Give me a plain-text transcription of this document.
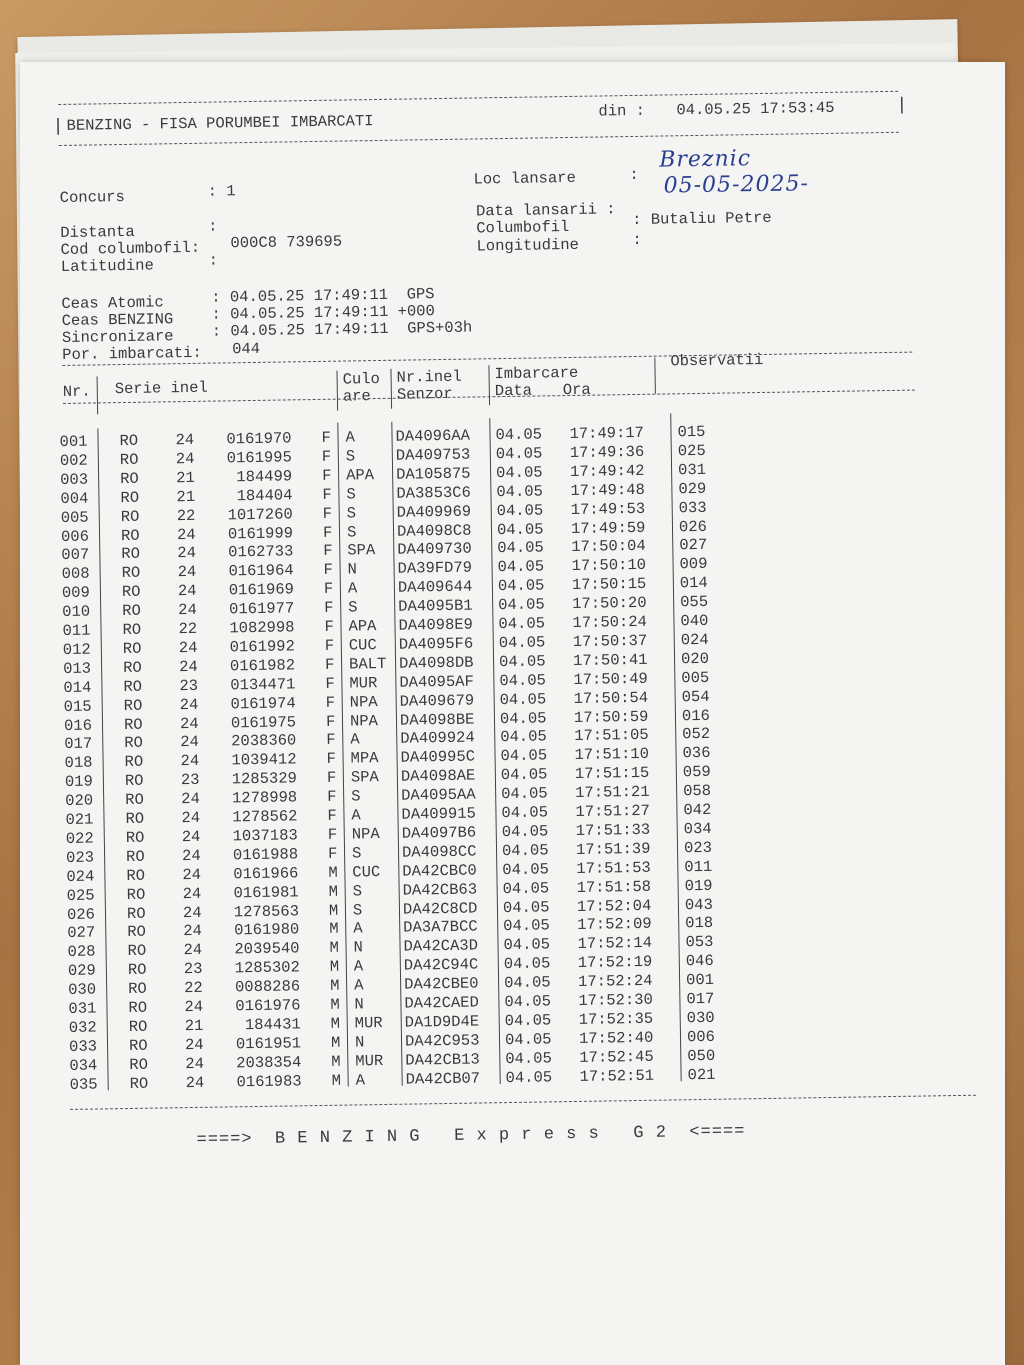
| BENZING - FISA PORUMBEI IMBARCATI
din : 04.05.25 17:53:45	|
Concurs	: 1
Distanta	:
Cod columbofil: 000C8 739695
Latitudine	:
Loc lansare	:
Breznic
05-05-2025-
Data lansarii :
Columbofil	: Butaliu Petre
Longitudine	:
Ceas Atomic	: 04.05.25 17:49:11  GPS
Ceas BENZING : 04.05.25 17:49:11 +000
Sincronizare : 04.05.25 17:49:11  GPS+03h
Por. imbarcati: 044
Nr. Serie inel	Culo
are
Nr.inel
Senzor
Imbarcare
Data Ora
Observatii
001 RO 24	0161970 F A	DA4096AA 04.05 17:49:17 015
002 RO 24	0161995 F S	DA409753 04.05 17:49:36 025
003 RO 21	184499 F APA DA105875 04.05 17:49:42 031
004 RO 21	184404 F S	DA3853C6 04.05 17:49:48 029
005 RO 22	1017260 F S	DA409969 04.05 17:49:53 033
006 RO 24	0161999 F S	DA4098C8 04.05 17:49:59 026
007 RO 24	0162733 F SPA DA409730 04.05 17:50:04 027
008 RO 24	0161964 F N	DA39FD79 04.05 17:50:10 009
009 RO 24	0161969 F A	DA409644 04.05 17:50:15 014
010 RO 24	0161977 F S	DA4095B1 04.05 17:50:20 055
011 RO 22	1082998 F APA DA4098E9 04.05 17:50:24 040
012 RO 24	0161992 F CUC DA4095F6 04.05 17:50:37 024
013 RO 24	0161982 F BALT DA4098DB 04.05 17:50:41 020
014 RO 23	0134471 F MUR DA4095AF 04.05 17:50:49 005
015 RO 24	0161974 F NPA DA409679 04.05 17:50:54 054
016 RO 24	0161975 F NPA DA4098BE 04.05 17:50:59 016
017 RO 24	2038360 F A	DA409924 04.05 17:51:05 052
018 RO 24	1039412 F MPA DA40995C 04.05 17:51:10 036
019 RO 23	1285329 F SPA DA4098AE 04.05 17:51:15 059
020 RO 24	1278998 F S	DA4095AA 04.05 17:51:21 058
021 RO 24	1278562 F A	DA409915 04.05 17:51:27 042
022 RO 24	1037183 F NPA DA4097B6 04.05 17:51:33 034
023 RO 24	0161988 F S	DA4098CC 04.05 17:51:39 023
024 RO 24	0161966 M CUC DA42CBC0 04.05 17:51:53 011
025 RO 24	0161981 M S	DA42CB63 04.05 17:51:58 019
026 RO 24	1278563 M S	DA42C8CD 04.05 17:52:04 043
027 RO 24	0161980 M A	DA3A7BCC 04.05 17:52:09 018
028 RO 24	2039540 M N	DA42CA3D 04.05 17:52:14 053
029 RO 23	1285302 M A	DA42C94C 04.05 17:52:19 046
030 RO 22	0088286 M A	DA42CBE0 04.05 17:52:24 001
031 RO 24	0161976 M N	DA42CAED 04.05 17:52:30 017
032 RO 21	184431 M MUR DA1D9D4E 04.05 17:52:35 030
033 RO 24	0161951 M N	DA42C953 04.05 17:52:40 006
034 RO 24	2038354 M MUR DA42CB13 04.05 17:52:45 050
035 RO 24	0161983 M A	DA42CB07 04.05 17:52:51 021
====>  B E N Z I N G   E x p r e s s   G 2  <====
